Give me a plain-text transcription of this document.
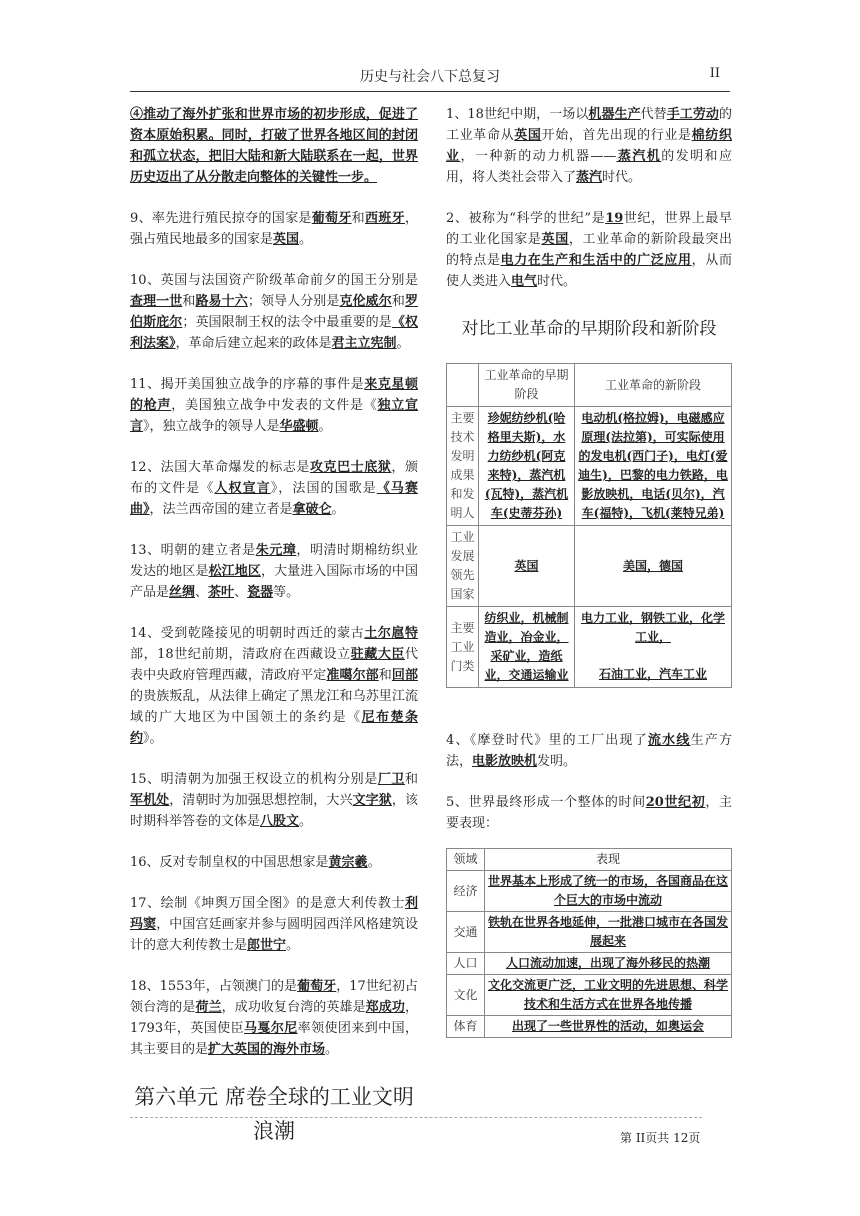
历史与社会八下总复习	II

④推动了海外扩张和世界市场的初步形成，促进了资本原始积累。同时，打破了世界各地区间的封闭和孤立状态，把旧大陆和新大陆联系在一起，世界历史迈出了从分散走向整体的关键性一步。

9、率先进行殖民掠夺的国家是葡萄牙和西班牙，强占殖民地最多的国家是英国。

10、英国与法国资产阶级革命前夕的国王分别是查理一世和路易十六；领导人分别是克伦威尔和罗伯斯庇尔；英国限制王权的法令中最重要的是《权利法案》，革命后建立起来的政体是君主立宪制。

11、揭开美国独立战争的序幕的事件是来克星顿的枪声，美国独立战争中发表的文件是《独立宣言》，独立战争的领导人是华盛顿。

12、法国大革命爆发的标志是攻克巴士底狱，颁布的文件是《人权宣言》，法国的国歌是《马赛曲》，法兰西帝国的建立者是拿破仑。

13、明朝的建立者是朱元璋，明清时期棉纺织业发达的地区是松江地区，大量进入国际市场的中国产品是丝绸、茶叶、瓷器等。

14、受到乾隆接见的明朝时西迁的蒙古土尔扈特部，18世纪前期，清政府在西藏设立驻藏大臣代表中央政府管理西藏，清政府平定准噶尔部和回部的贵族叛乱，从法律上确定了黑龙江和乌苏里江流域的广大地区为中国领土的条约是《尼布楚条约》。

15、明清朝为加强王权设立的机构分别是厂卫和军机处，清朝时为加强思想控制，大兴文字狱，该时期科举答卷的文体是八股文。

16、反对专制皇权的中国思想家是黄宗羲。

17、绘制《坤舆万国全图》的是意大利传教士利玛窦，中国宫廷画家并参与圆明园西洋风格建筑设计的意大利传教士是郎世宁。

18、1553年，占领澳门的是葡萄牙，17世纪初占领台湾的是荷兰，成功收复台湾的英雄是郑成功，1793年，英国使臣马戛尔尼率领使团来到中国，其主要目的是扩大英国的海外市场。

第六单元 席卷全球的工业文明
浪潮

1、18世纪中期，一场以机器生产代替手工劳动的工业革命从英国开始，首先出现的行业是棉纺织业，一种新的动力机器——蒸汽机的发明和应用，将人类社会带入了蒸汽时代。

2、被称为“科学的世纪”是19世纪，世界上最早的工业化国家是英国，工业革命的新阶段最突出的特点是电力在生产和生活中的广泛应用，从而使人类进入电气时代。

对比工业革命的早期阶段和新阶段
	工业革命的早期阶段	工业革命的新阶段
主要技术发明成果和发明人	珍妮纺纱机(哈格里夫斯)，水力纺纱机(阿克来特)，蒸汽机(瓦特)，蒸汽机车(史蒂芬孙)	电动机(格拉姆)，电磁感应原理(法拉第)，可实际使用的发电机(西门子)，电灯(爱迪生)，巴黎的电力铁路，电影放映机，电话(贝尔)，汽车(福特)，飞机(莱特兄弟)
工业发展领先国家	英国	美国，德国
主要工业门类	纺织业，机械制造业，冶金业，采矿业，造纸业，交通运输业	电力工业，钢铁工业，化学工业，
石油工业，汽车工业

4、《摩登时代》里的工厂出现了流水线生产方法，电影放映机发明。

5、世界最终形成一个整体的时间20世纪初，主要表现：

领域	表现
经济	世界基本上形成了统一的市场，各国商品在这个巨大的市场中流动
交通	铁轨在世界各地延伸，一批港口城市在各国发展起来
人口	人口流动加速，出现了海外移民的热潮
文化	文化交流更广泛，工业文明的先进思想、科学技术和生活方式在世界各地传播
体育	出现了一些世界性的活动，如奥运会
第 II页共 12页
